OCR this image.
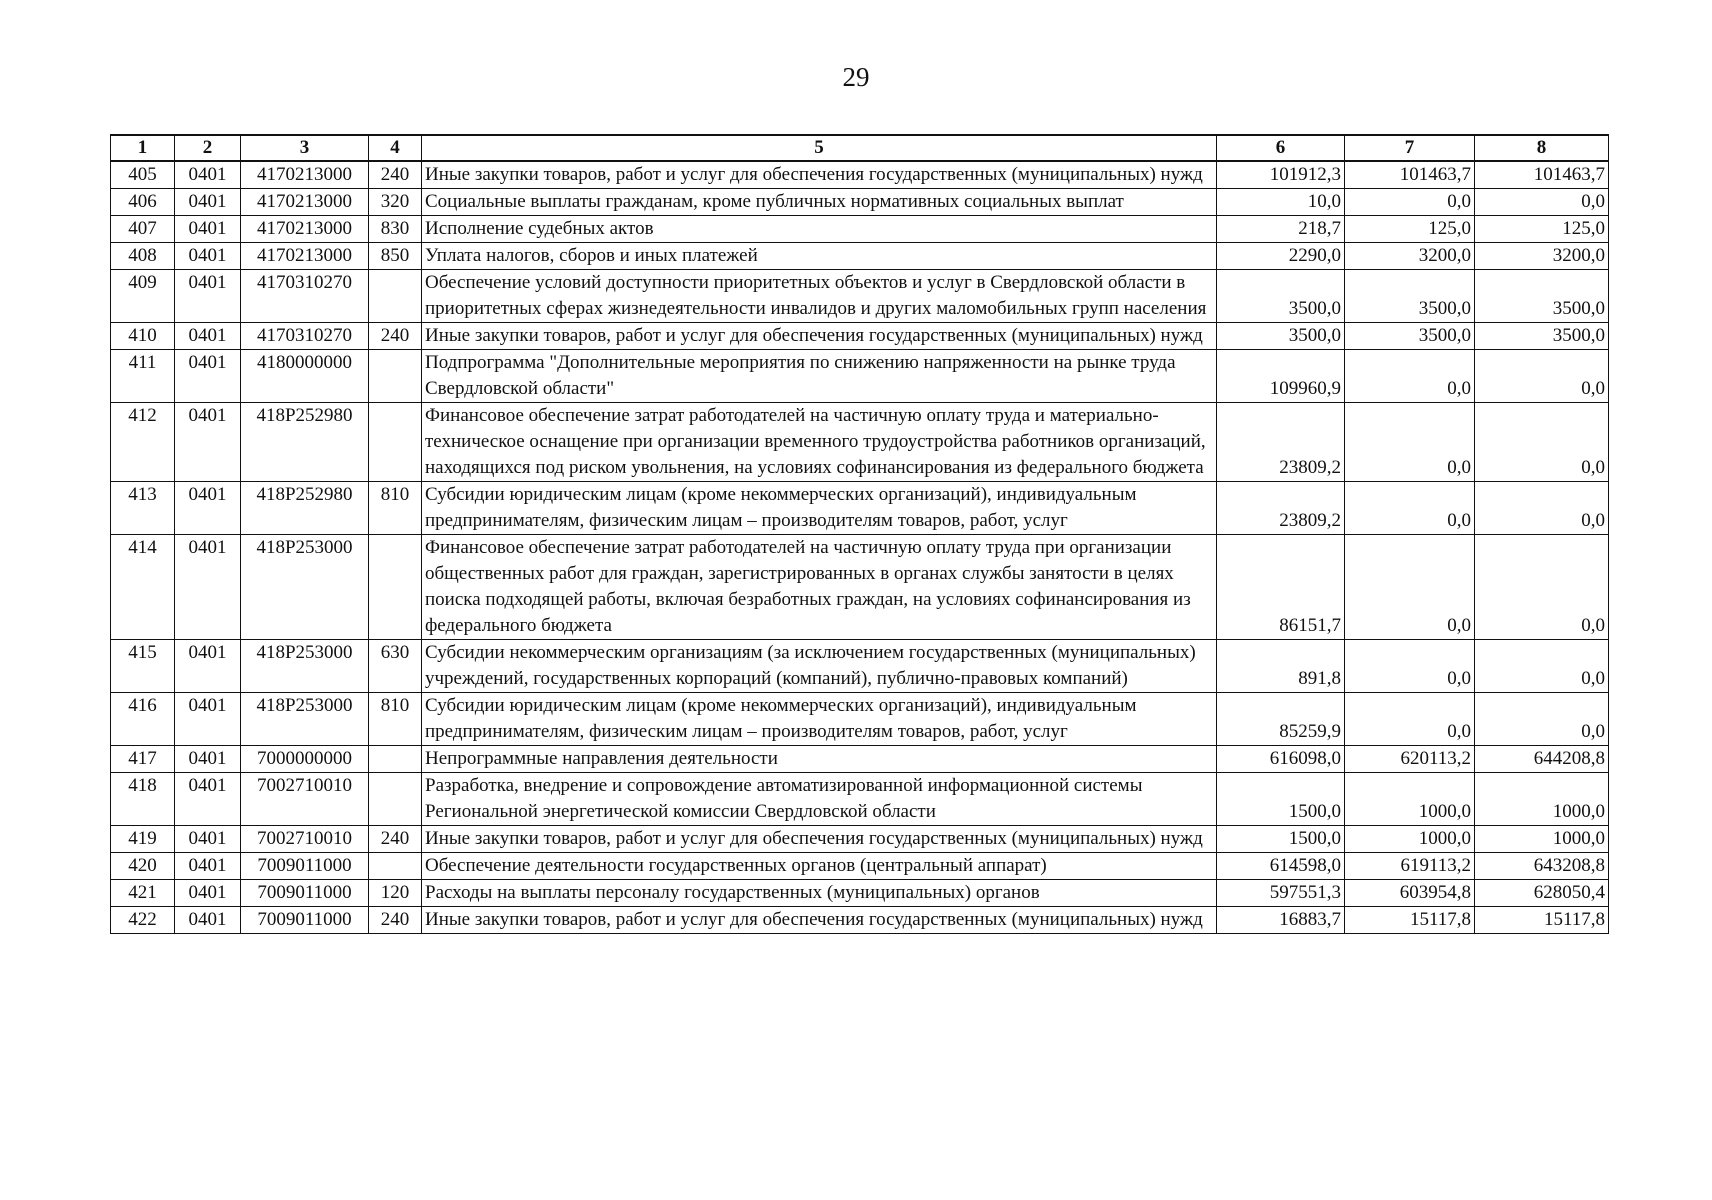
29
1	2	3	4	5	6	7	8
405	0401	4170213000	240	Иные закупки товаров, работ и услуг для обеспечения государственных (муниципальных) нужд	101912,3	101463,7	101463,7
406	0401	4170213000	320	Социальные выплаты гражданам, кроме публичных нормативных социальных выплат	10,0	0,0	0,0
407	0401	4170213000	830	Исполнение судебных актов	218,7	125,0	125,0
408	0401	4170213000	850	Уплата налогов, сборов и иных платежей	2290,0	3200,0	3200,0
409	0401	4170310270		Обеспечение условий доступности приоритетных объектов и услуг в Свердловской области в приоритетных сферах жизнедеятельности инвалидов и других маломобильных групп населения	3500,0	3500,0	3500,0
410	0401	4170310270	240	Иные закупки товаров, работ и услуг для обеспечения государственных (муниципальных) нужд	3500,0	3500,0	3500,0
411	0401	4180000000		Подпрограмма "Дополнительные мероприятия по снижению напряженности на рынке труда Свердловской области"	109960,9	0,0	0,0
412	0401	418P252980		Финансовое обеспечение затрат работодателей на частичную оплату труда и материально-техническое оснащение при организации временного трудоустройства работников организаций, находящихся под риском увольнения, на условиях софинансирования из федерального бюджета	23809,2	0,0	0,0
413	0401	418P252980	810	Субсидии юридическим лицам (кроме некоммерческих организаций), индивидуальным предпринимателям, физическим лицам – производителям товаров, работ, услуг	23809,2	0,0	0,0
414	0401	418P253000		Финансовое обеспечение затрат работодателей на частичную оплату труда при организации общественных работ для граждан, зарегистрированных в органах службы занятости в целях поиска подходящей работы, включая безработных граждан, на условиях софинансирования из федерального бюджета	86151,7	0,0	0,0
415	0401	418P253000	630	Субсидии некоммерческим организациям (за исключением государственных (муниципальных) учреждений, государственных корпораций (компаний), публично-правовых компаний)	891,8	0,0	0,0
416	0401	418P253000	810	Субсидии юридическим лицам (кроме некоммерческих организаций), индивидуальным предпринимателям, физическим лицам – производителям товаров, работ, услуг	85259,9	0,0	0,0
417	0401	7000000000		Непрограммные направления деятельности	616098,0	620113,2	644208,8
418	0401	7002710010		Разработка, внедрение и сопровождение автоматизированной информационной системы Региональной энергетической комиссии Свердловской области	1500,0	1000,0	1000,0
419	0401	7002710010	240	Иные закупки товаров, работ и услуг для обеспечения государственных (муниципальных) нужд	1500,0	1000,0	1000,0
420	0401	7009011000		Обеспечение деятельности государственных органов (центральный аппарат)	614598,0	619113,2	643208,8
421	0401	7009011000	120	Расходы на выплаты персоналу государственных (муниципальных) органов	597551,3	603954,8	628050,4
422	0401	7009011000	240	Иные закупки товаров, работ и услуг для обеспечения государственных (муниципальных) нужд	16883,7	15117,8	15117,8
